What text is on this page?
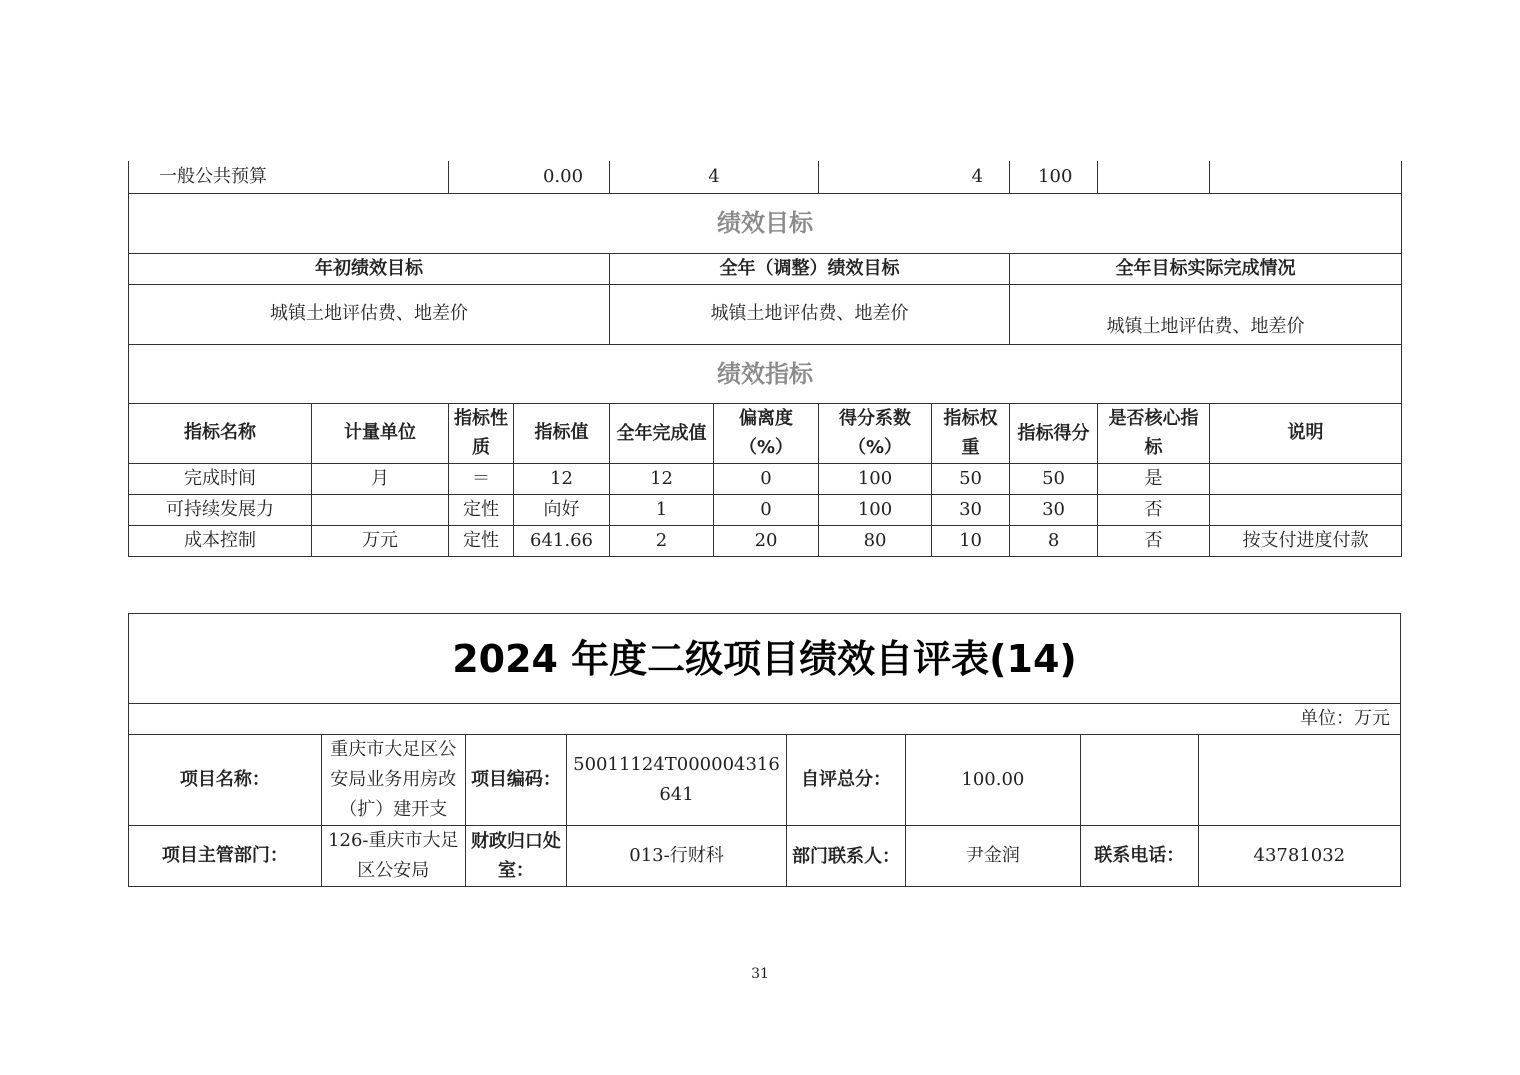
一般公共预算		0.00		4		4		100		
绩效目标										
年初绩效目标				全年（调整）绩效目标				全年目标实际完成情况		
城镇土地评估费、地差价				城镇土地评估费、地差价				城镇土地评估费、地差价		
绩效指标										
指标名称	计量单位	指标性质	指标值	全年完成值	偏离度（%）	得分系数（%）	指标权重	指标得分	是否核心指标	说明
完成时间	月	＝	12	12	0	100	50	50	是	
可持续发展力		定性	向好	1	0	100	30	30	否	
成本控制	万元	定性	641.66	2	20	80	10	8	否	按支付进度付款
2024 年度二级项目绩效自评表(14)							
单位：万元							
项目名称：	重庆市大足区公安局业务用房改（扩）建开支	项目编码：	50011124T000004316641	自评总分：	100.00		
项目主管部门：	126-重庆市大足区公安局	财政归口处室：	013-行财科	部门联系人：	尹金润	联系电话：	43781032
31
